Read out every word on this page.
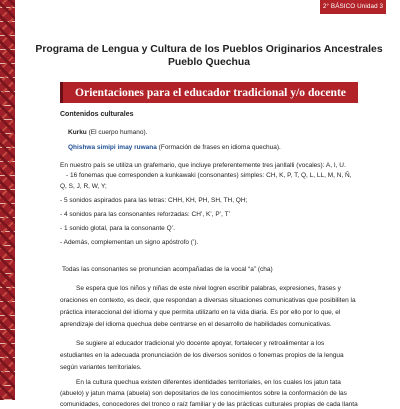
2° BÁSICO Unidad 3
Programa de Lengua y Cultura de los Pueblos Originarios Ancestrales
Pueblo Quechua
Orientaciones para el educador tradicional y/o docente
Contenidos culturales
Kurku (El cuerpo humano).
Qhishwa simipi imay ruwana (Formación de frases en idioma quechua).
En nuestro país se utiliza un grafemario, que incluye preferentemente tres janllalli (vocales): A, I, U.
- 16 fonemas que corresponden a kunkawaki (consonantes) simples: CH, K, P, T, Q, L, LL, M, N, Ñ,
Q, S, J, R, W, Y;
- 5 sonidos aspirados para las letras: CHH, KH, PH, SH, TH, QH;
- 4 sonidos para las consonantes reforzadas: CH’, K’, P’, T’
- 1 sonido glotal, para la consonante Q’.
- Además, complementan un signo apóstrofo (’).
Todas las consonantes se pronuncian acompañadas de la vocal “a” (cha)
Se espera que los niños y niñas de este nivel logren escribir palabras, expresiones, frases y
oraciones en contexto, es decir, que respondan a diversas situaciones comunicativas que posibiliten la
práctica interaccional del idioma y que permita utilizarlo en la vida diaria. Es por ello por lo que, el
aprendizaje del idioma quechua debe centrarse en el desarrollo de habilidades comunicativas.
Se sugiere al educador tradicional y/o docente apoyar, fortalecer y retroalimentar a los
estudiantes en la adecuada pronunciación de los diversos sonidos o fonemas propios de la lengua
según variantes territoriales.
En la cultura quechua existen diferentes identidades territoriales, en los cuales los jatun tata
(abuelo) y jatun mama (abuela) son depositarios de los conocimientos sobre la conformación de las
comunidades, conocedores del tronco o raíz familiar y de las prácticas culturales propias de cada llanta
